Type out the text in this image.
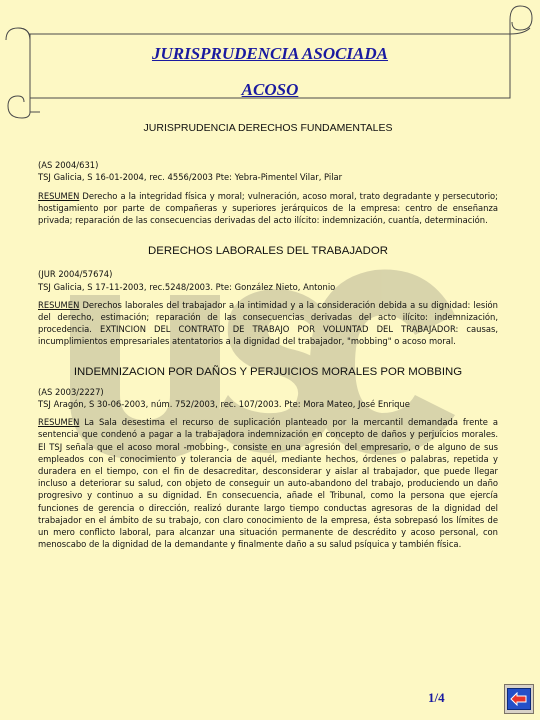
JURISPRUDENCIA ASOCIADA
ACOSO

JURISPRUDENCIA DERECHOS FUNDAMENTALES

(AS 2004/631)

TSJ Galicia, S 16-01-2004, rec. 4556/2003 Pte: Yebra-Pimentel Vilar, Pilar

RESUMEN Derecho a la integridad física y moral; vulneración, acoso moral, trato degradante y persecutorio; hostigamiento por parte de compañeras y superiores jerárquicos de la empresa: centro de enseñanza privada; reparación de las consecuencias derivadas del acto ilícito: indemnización, cuantía, determinación.

DERECHOS LABORALES DEL TRABAJADOR

(JUR 2004/57674)

TSJ Galicia, S 17-11-2003, rec.5248/2003. Pte: González Nieto, Antonio

RESUMEN Derechos laborales del trabajador a la intimidad y a la consideración debida a su dignidad: lesión del derecho, estimación; reparación de las consecuencias derivadas del acto ilícito: indemnización, procedencia. EXTINCION DEL CONTRATO DE TRABAJO POR VOLUNTAD DEL TRABAJADOR: causas, incumplimientos empresariales atentatorios a la dignidad del trabajador, "mobbing" o acoso moral.

INDEMNIZACION POR DAÑOS Y PERJUICIOS MORALES POR MOBBING

(AS 2003/2227)

TSJ Aragón, S 30-06-2003, núm. 752/2003, rec. 107/2003. Pte: Mora Mateo, José Enrique

RESUMEN La Sala desestima el recurso de suplicación planteado por la mercantil demandada frente a sentencia que condenó a pagar a la trabajadora indemnización en concepto de daños y perjuicios morales. El TSJ señala que el acoso moral -mobbing-, consiste en una agresión del empresario, o de alguno de sus empleados con el conocimiento y tolerancia de aquél, mediante hechos, órdenes o palabras, repetida y duradera en el tiempo, con el fin de desacreditar, desconsiderar y aislar al trabajador, que puede llegar incluso a deteriorar su salud, con objeto de conseguir un auto-abandono del trabajo, produciendo un daño progresivo y continuo a su dignidad. En consecuencia, añade el Tribunal, como la persona que ejercía funciones de gerencia o dirección, realizó durante largo tiempo conductas agresoras de la dignidad del trabajador en el ámbito de su trabajo, con claro conocimiento de la empresa, ésta sobrepasó los límites de un mero conflicto laboral, para alcanzar una situación permanente de descrédito y acoso personal, con menoscabo de la dignidad de la demandante y finalmente daño a su salud psíquica y también física.

1/4
